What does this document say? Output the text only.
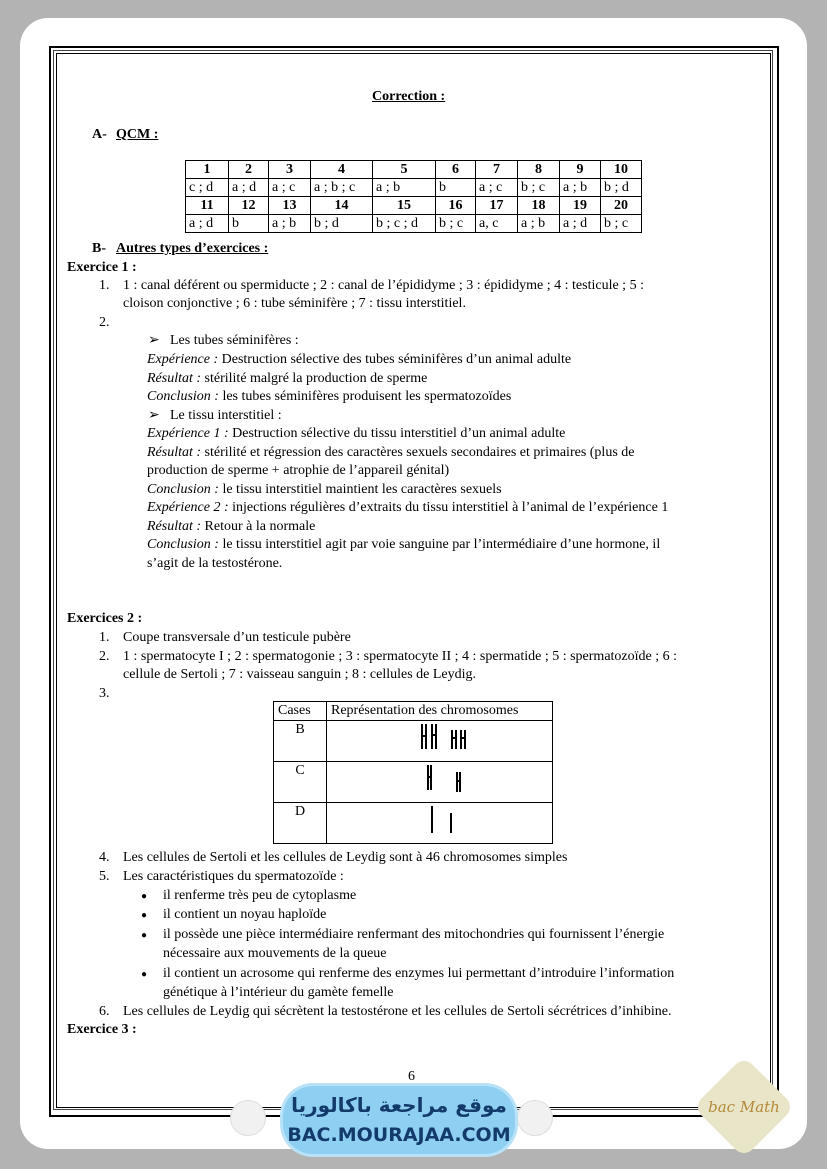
Correction :
A- QCM :
1	2	3	4	5	6	7	8	9	10
c ; d	a ; d	a ; c	a ; b ; c	a ; b	b	a ; c	b ; c	a ; b	b ; d
11	12	13	14	15	16	17	18	19	20
a ; d	b	a ; b	b ; d	b ; c ; d	b ; c	a, c	a ; b	a ; d	b ; c
B- Autres types d’exercices :
Exercice 1 :
1. 1 : canal déférent ou spermiducte ; 2 : canal de l’épididyme ; 3 : épididyme ; 4 : testicule ; 5 :
cloison conjonctive ; 6 : tube séminifère ; 7 : tissu interstitiel.
2.
➢ Les tubes séminifères :
Expérience : Destruction sélective des tubes séminifères d’un animal adulte
Résultat : stérilité malgré la production de sperme
Conclusion : les tubes séminifères produisent les spermatozoïdes
➢ Le tissu interstitiel :
Expérience 1 : Destruction sélective du tissu interstitiel d’un animal adulte
Résultat : stérilité et régression des caractères sexuels secondaires et primaires (plus de
production de sperme + atrophie de l’appareil génital)
Conclusion : le tissu interstitiel maintient les caractères sexuels
Expérience 2 : injections régulières d’extraits du tissu interstitiel à l’animal de l’expérience 1
Résultat : Retour à la normale
Conclusion : le tissu interstitiel agit par voie sanguine par l’intermédiaire d’une hormone, il
s’agit de la testostérone.
Exercices 2 :
1. Coupe transversale d’un testicule pubère
2. 1 : spermatocyte I ; 2 : spermatogonie ; 3 : spermatocyte II ; 4 : spermatide ; 5 : spermatozoïde ; 6 :
cellule de Sertoli ; 7 : vaisseau sanguin ; 8 : cellules de Leydig.
3.
Cases	Représentation des chromosomes
B	
C	
D	
4. Les cellules de Sertoli et les cellules de Leydig sont à 46 chromosomes simples
5. Les caractéristiques du spermatozoïde :
● il renferme très peu de cytoplasme
● il contient un noyau haploïde
● il possède une pièce intermédiaire renfermant des mitochondries qui fournissent l’énergie
nécessaire aux mouvements de la queue
● il contient un acrosome qui renferme des enzymes lui permettant d’introduire l’information
génétique à l’intérieur du gamète femelle
6. Les cellules de Leydig qui sécrètent la testostérone et les cellules de Sertoli sécrétrices d’inhibine.
Exercice 3 :
6
موقع مراجعة باكالوريا
BAC.MOURAJAA.COM
bac Math
